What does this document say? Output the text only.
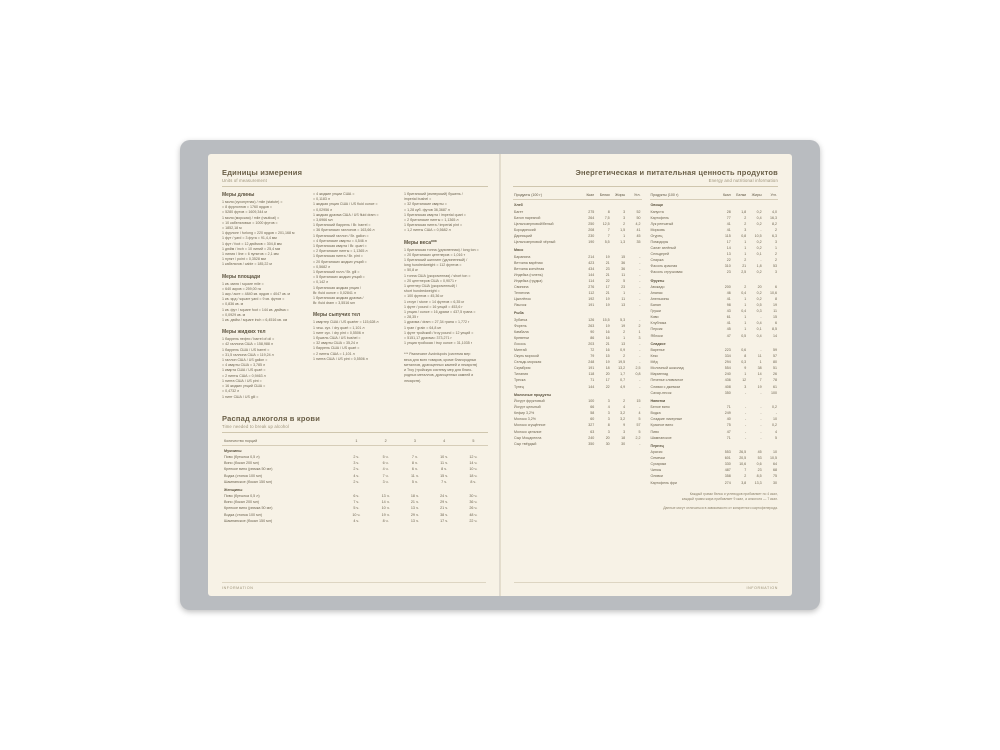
Единицы измерения
Units of measurement
Меры длины
1 миля (сухопутная) / mile (statute) =
= 8 фурлонгов = 1760 ярдов =
= 5280 футов = 1609,344 м
1 миля (морская) / mile (nautical) =
= 10 кабельтовых = 1000 футов =
= 1852,18 м
1 фурлонг / furlong = 220 ярдов = 201,168 м
1 фут / yard = 3 фута = 91,4,4 мм
1 фут / foot = 12 дюймов = 304,8 мм
1 дюйм / inch = 10 линий = 25,4 мм
1 линия / line = 6 пунктов = 2,1 мм
1 пункт / point = 0,3528 мм
1 кабельтов / cable = 185,22 м
Меры площади
1 кв. миля / square mile =
= 640 акров = 259,00 га
1 акр / acre = 4840 кв. ярдов = 4047 кв. м
1 кв. ярд / square yard = 9 кв. футов =
= 0,836 кв. м
1 кв. фут / square foot = 144 кв. дюйма =
= 0,0929 кв. м
1 кв. дюйм / square inch = 6,4516 кв. см
Меры жидких тел
1 баррель нефти / barrel of oil =
= 42 галлона США = 158,988 л
1 баррель США / US barrel =
= 31,5 галлона США = 119,24 л
1 галлон США / US gallon =
= 4 кварты США = 3,785 л
1 кварта США / US quart =
= 2 пинты США = 0,9463 л
1 пинта США / US pint =
= 16 жидких унций США =
= 0,4732 л
1 пинт США / US gill =
= 4 жидкие унции США =
= 0,1183 л
1 жидкая унция США / US fluid ounce =
= 0,02956 л
1 жидкая драхма США / US fluid dram =
= 3,6966 мл
1 британский баррель / Br. barrel =
= 36 британских галлонов = 163,66 л
1 британский галлон / Br. gallon =
= 4 британские кварты = 4,546 л
1 британская кварта / Br. quart =
= 2 британские пинты = 1,1365 л
1 британская пинта / Br. pint =
= 20 британских жидких унций =
= 0,5682 л
1 британский гилл / Br. gill =
= 5 британских жидких унций =
= 0,142 л
1 британская жидкая унция /
Br. fluid ounce = 0,02841 л
1 британская жидкая драхма /
Br. fluid dram = 3,5516 мл
Меры сыпучих тел
1 квартер США / US quarter = 115,628 л
1 чеш. сух. / dry quart = 1,101 л
1 пинт сух. / dry pint = 0,5506 л
1 бушель США / US bushel =
= 32 кварты США = 35,24 л
1 баррель США / US quart =
= 2 пинты США = 1,101 л
1 пинта США / US pint = 0,5506 л
1 британский (имперский) бушель /
imperial bushel =
= 32 британские кварты =
= 1,28 куб. футов 36,3687 л
1 британская кварта / imperial quart =
= 2 британские пинты = 1,1365 л
1 британская пинта / imperial pint =
= 1,2 пинты США = 0,5682 л
Меры веса***
1 британская тонна (удлиненная) / long ton =
= 20 британских центнеров = 1,016 т
1 британский шиллинг (удлиненный) /
long hundredweight = 112 фунтов =
= 50,8 кг
1 тонна США (укороченная) / short ton =
= 20 центнеров США = 0,9071 т
1 центнер США (укороченный) /
short hundredweight =
= 100 фунтов = 45,36 кг
1 стоун / stone = 14 фунтов = 6,35 кг
1 фунт / pound = 16 унций = 453,6 г
1 унция / ounce = 16 драхм = 437,5 грана =
= 28,35 г
1 драхма / dram = 27,34 грана = 1,772 г
1 гран / grain = 64,8 мг
1 фунт тройский / troy pound = 12 унций =
= 5151,17 драхма= 373,271 г
1 унция тройская / troy ounce = 31,1035 г
*** Различают Avoirdupois (система мер
веса для всех товаров, кроме благородных
металлов, драгоценных камней и лекарств)
и Troy (тройскую систему мер для благо-
родных металлов, драгоценных камней и
лекарств).
Распад алкоголя в крови
Time needed to break up alcohol
Количество порций	1	2	3	4	5
Мужчины					
Пиво (бутылка 0,5 л)	2 ч.	5 ч.	7 ч.	10 ч.	12 ч.
Вино (бокал 200 мл)	3 ч.	6 ч.	8 ч.	11 ч.	14 ч.
Крепкое вино (рюмка 50 мл)	2 ч.	4 ч.	6 ч.	8 ч.	10 ч.
Водка (стопка 100 мл)	4 ч.	7 ч.	11 ч.	15 ч.	18 ч.
Шампанское (бокал 150 мл)	2 ч.	3 ч.	5 ч.	7 ч.	8 ч.
Женщины					
Пиво (бутылка 0,5 л)	6 ч.	13 ч.	18 ч.	24 ч.	30 ч.
Вино (бокал 200 мл)	7 ч.	14 ч.	21 ч.	29 ч.	36 ч.
Крепкое вино (рюмка 50 мл)	5 ч.	10 ч.	13 ч.	21 ч.	26 ч.
Водка (стопка 100 мл)	10 ч.	19 ч.	29 ч.	38 ч.	48 ч.
Шампанское (бокал 150 мл)	4 ч.	8 ч.	13 ч.	17 ч.	22 ч.
INFORMATION
Энергетическая и питательная ценность продуктов
Energy and nutritional information
Продукты (100 г)	Ккал	Белки	Жиры	Угл.
Хлеб				
Багет	275	8	3	52
Батон нарезной	264	7,5	3	50
Цельнозерновой/белый	250	12,5	2	4,2
Бородинский	208	7	1,5	41
Дарницкий	230	7	1	45
Цельнозерновой чёрный	190	5,5	1,3	35
Мясо				
Баранина	214	19	15	-
Ветчина варёная	423	21	36	-
Ветчина копчёная	434	23	36	-
Индейка (голень)	144	21	11	-
Индейка (грудка)	114	22	5	-
Свинина	276	17	23	-
Телятина	112	21	1	-
Цыплёнок	192	19	11	-
Язычок	191	19	13	-
Рыба				
Зубатка	126	15,5	5,3	-
Форель	263	19	19	2
Камбала	90	16	2	1
Креветки	86	16	1	3
Лосось	203	21	13	-
Минтай	72	16	0,9	-
Окунь морской	79	15	2	-
Сельдь морская	248	19	19,5	-
Скумбрия	191	18	13,2	2,5
Тилапия	118	20	1,7	0,8
Треска	71	17	0,7	-
Тунец	144	22	4,9	-
Молочные продукты				
Йогурт фруктовый	100	3	2	15
Йогурт цельный	66	4	4	-
Кефир 3,2%	58	3	3,2	4
Молоко 3,2%	60	3	3,2	5
Молоко сгущённое	327	8	9	57
Молоко цельное	63	3	3	5
Сыр Моцарелла	240	20	18	2,2
Сыр твёрдый	350	30	30	-
Продукты (100 г)	Ккал	Белки	Жиры	Угл.
Овощи				
Капуста	28	1,8	0,2	4,0
Картофель	77	2	0,4	16,3
Лук репчатый	41	2	0,2	8,2
Морковь	41	3	-	2
Огурец	115	0,8	10,5	6,3
Помидоры	17	1	0,2	3
Салат зелёный	14	1	0,2	1
Сельдерей	13	1	0,1	2
Спаржа	22	2	-	2
Фасоль красная	310	21	1,8	53
Фасоль стручковая	23	2,5	0,2	3
Фрукты				
Авокадо	200	2	20	6
Ананас	46	0,4	0,2	10,6
Апельсины	41	1	0,2	8
Банан	98	1	0,5	19
Груши	43	0,4	0,3	11
Киви	61	1	-	15
Клубника	41	1	0,4	6
Персик	45	1	0,1	8,5
Яблоки	47	0,5	0,4	14
Сладкое				
Варенье	223	0,6	-	59
Кекс	334	8	11	57
Мёд	294	0,3	1	80
Молочный шоколад	554	9	38	51
Мармелад	240	1	14	26
Печенье сливочное	436	12	7	78
Сливки с джемом	408	3	19	61
Сахар-песок	350	-	-	100
Напитки				
Белое вино	71	-	-	0,2
Водка	249	-	-	-
Сладкие ликерные	40	-	-	10
Красное вино	75	-	-	0,2
Пиво	47	-	-	4
Шампанское	71	-	-	5
Пернец				
Арахис	553	26,5	45	10
Семечки	601	20,5	53	10,5
Сухарики	330	10,6	0,6	64
Чипсы	487	7	23	68
Оливки	358	2	8,5	75
Картофель фри	274	3,8	13,3	30
Каждый грамм белка и углеводов прибавляет по 4 ккал,
каждый грамм жира прибавляет 9 ккал, а алкоголя — 7 ккал.
Данные могут отличаться в зависимости от конкретного картофелерода.
INFORMATION
